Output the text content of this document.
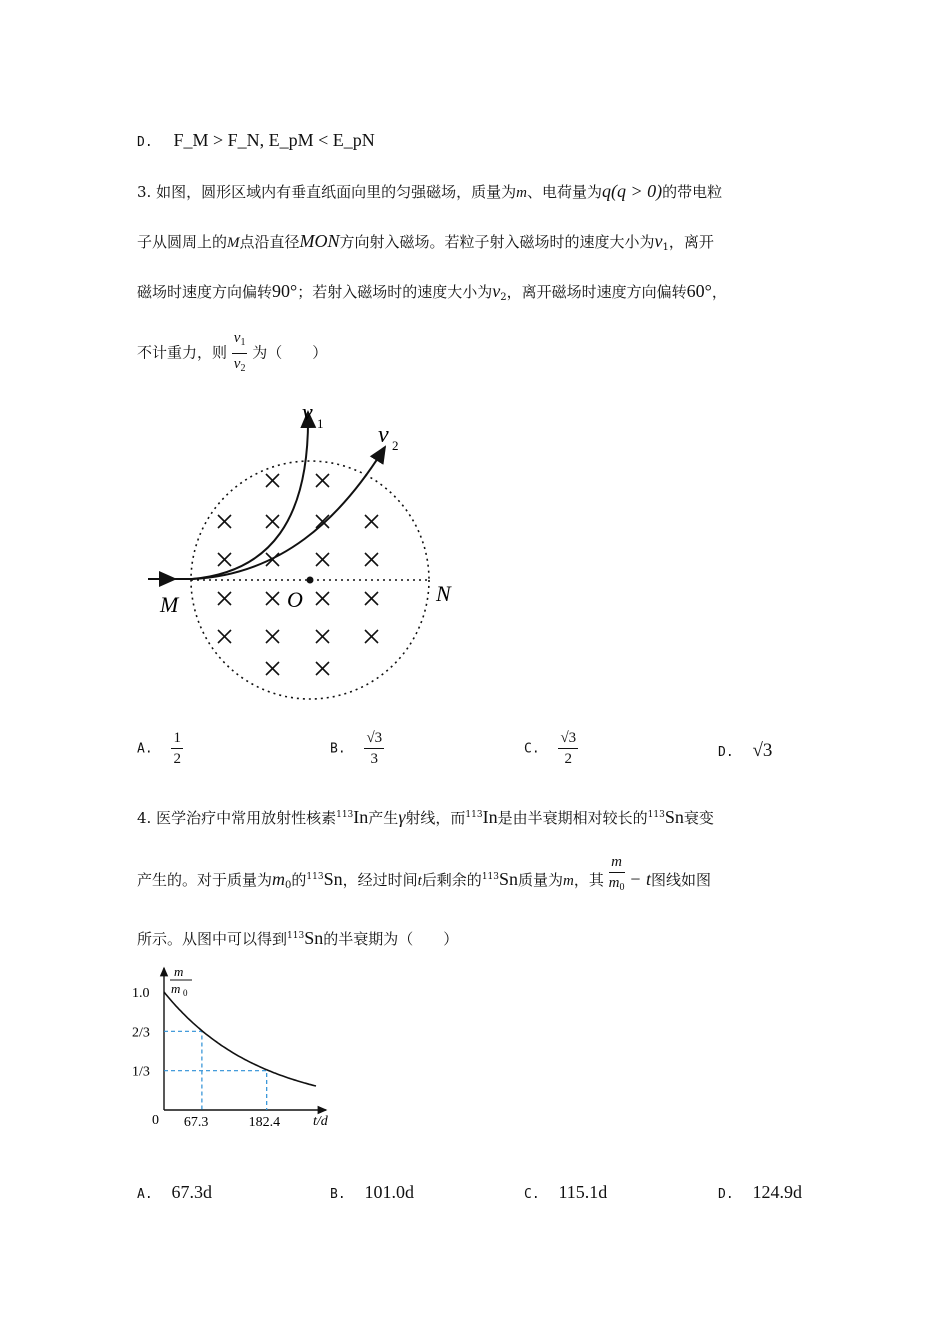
D. F_M > F_N, E_pM < E_pN
3. 如图，圆形区域内有垂直纸面向里的匀强磁场，质量为m、电荷量为q(q > 0)的带电粒
子从圆周上的M点沿直径MON方向射入磁场。若粒子射入磁场时的速度大小为$v_1$，离开
磁场时速度方向偏转90°；若射入磁场时的速度大小为$v_2$，离开磁场时速度方向偏转60°，
不计重力，则 $\frac{v_1}{v_2}$ 为（　　）
v 1 v 2
M	O	N
A. $\frac{1}{2}$	B. $\frac{√3}{3}$	C. $\frac{√3}{2}$	D. √3
4. 医学治疗中常用放射性核素$^{113}$In产生γ射线，而$^{113}$In是由半衰期相对较长的$^{113}$Sn衰变
产生的。对于质量为$m_0$的$^{113}$Sn，经过时间t后剩余的$^{113}$Sn质量为m，其 $\frac{m}{m_0} - t$图线如图
所示。从图中可以得到$^{113}$Sn的半衰期为（　　）
1.0
2/3
1/3
67.3	182.4
m
m 0
t/d
0
A. 67.3d	B. 101.0d	C. 115.1d	D. 124.9d
